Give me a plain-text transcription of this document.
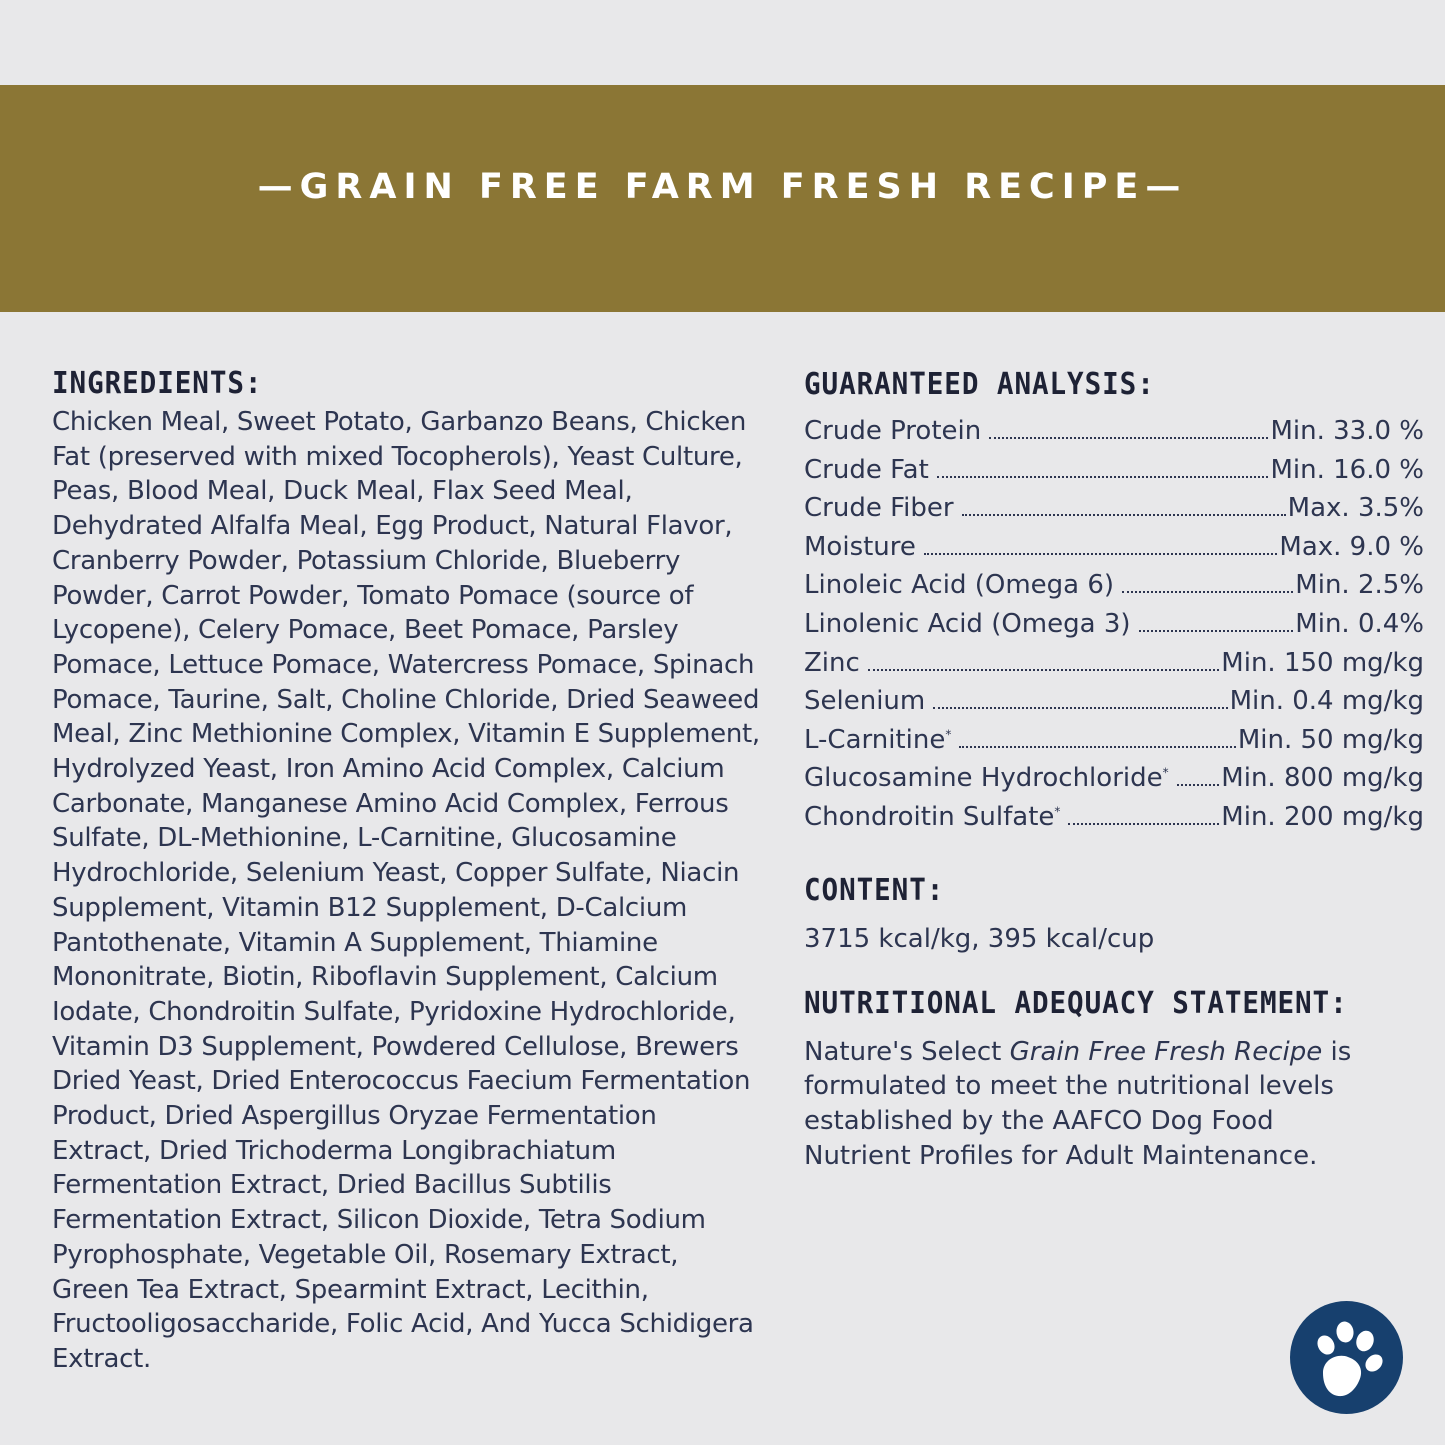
—GRAIN FREE FARM FRESH RECIPE—
INGREDIENTS:
Chicken Meal, Sweet Potato, Garbanzo Beans, Chicken Fat (preserved with mixed Tocopherols), Yeast Culture, Peas, Blood Meal, Duck Meal, Flax Seed Meal, Dehydrated Alfalfa Meal, Egg Product, Natural Flavor, Cranberry Powder, Potassium Chloride, Blueberry Powder, Carrot Powder, Tomato Pomace (source of Lycopene), Celery Pomace, Beet Pomace, Parsley Pomace, Lettuce Pomace, Watercress Pomace, Spinach Pomace, Taurine, Salt, Choline Chloride, Dried Seaweed Meal, Zinc Methionine Complex, Vitamin E Supplement, Hydrolyzed Yeast, Iron Amino Acid Complex, Calcium Carbonate, Manganese Amino Acid Complex, Ferrous Sulfate, DL-Methionine, L-Carnitine, Glucosamine Hydrochloride, Selenium Yeast, Copper Sulfate, Niacin Supplement, Vitamin B12 Supplement, D-Calcium Pantothenate, Vitamin A Supplement, Thiamine Mononitrate, Biotin, Riboflavin Supplement, Calcium Iodate, Chondroitin Sulfate, Pyridoxine Hydrochloride, Vitamin D3 Supplement, Powdered Cellulose, Brewers Dried Yeast, Dried Enterococcus Faecium Fermentation Product, Dried Aspergillus Oryzae Fermentation Extract, Dried Trichoderma Longibrachiatum Fermentation Extract, Dried Bacillus Subtilis Fermentation Extract, Silicon Dioxide, Tetra Sodium Pyrophosphate, Vegetable Oil, Rosemary Extract, Green Tea Extract, Spearmint Extract, Lecithin, Fructooligosaccharide, Folic Acid, And Yucca Schidigera Extract.
GUARANTEED ANALYSIS:
Crude Protein	Min. 33.0 %
Crude Fat	Min. 16.0 %
Crude Fiber	Max. 3.5%
Moisture	Max. 9.0 %
Linoleic Acid (Omega 6)	Min. 2.5%
Linolenic Acid (Omega 3)	Min. 0.4%
Zinc	Min. 150 mg/kg
Selenium	Min. 0.4 mg/kg
L-Carnitine*	Min. 50 mg/kg
Glucosamine Hydrochloride*	Min. 800 mg/kg
Chondroitin Sulfate*	Min. 200 mg/kg
CONTENT:
3715 kcal/kg, 395 kcal/cup
NUTRITIONAL ADEQUACY STATEMENT:
Nature's Select Grain Free Fresh Recipe is formulated to meet the nutritional levels established by the AAFCO Dog Food Nutrient Profiles for Adult Maintenance.
